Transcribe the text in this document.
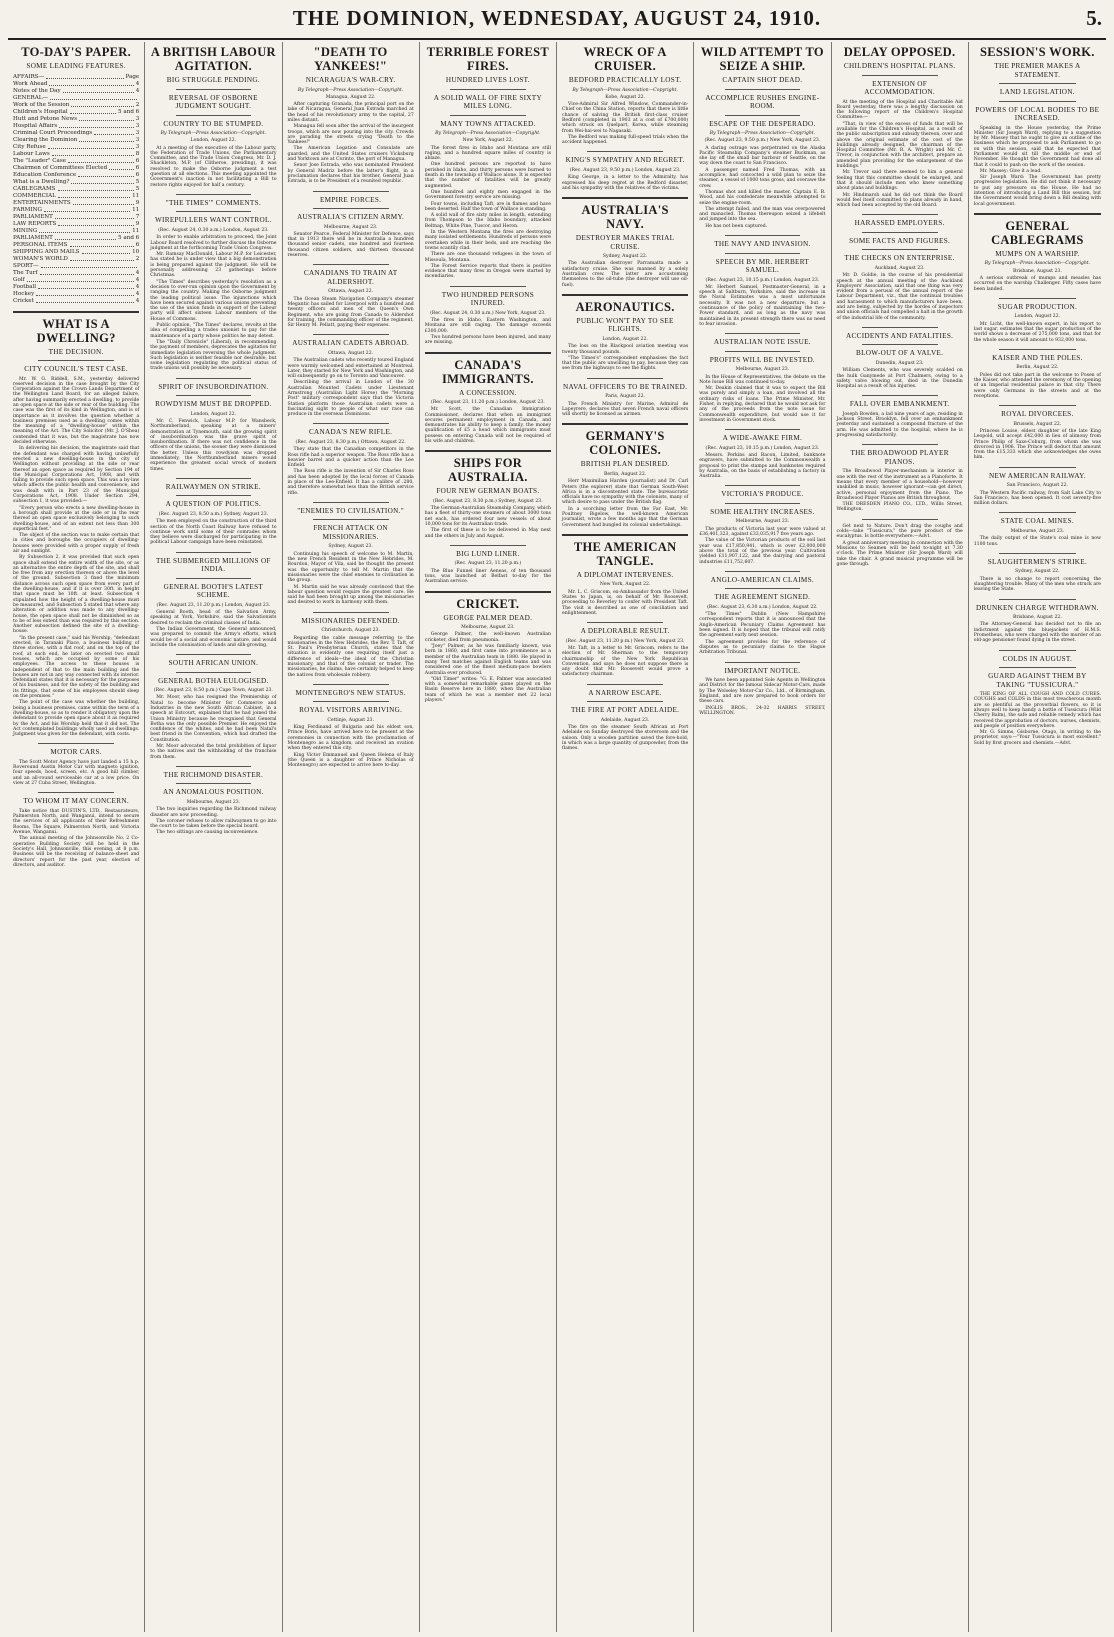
THE DOMINION, WEDNESDAY, AUGUST 24, 1910.	5.
TO-DAY'S PAPER.
SOME LEADING FEATURES.
AFFAIRS—	Page
Work Ahead	4
Notes of the Day	4
GENERAL—
Work of the Session	2
Children's Hospital	5 and 6
Hutt and Petone News	3
Hospital Affairs	3
Criminal Court Proceedings	3
Clearing the Dominion	3
City Refuse	3
Labour Laws	8
The "Leader" Case	6
Chairmen of Committees Elected	6
Education Conference	6
What is a Dwelling?	5
CABLEGRAMS	5
COMMERCIAL	11
ENTERTAINMENTS	9
FARMING	11
PARLIAMENT	7
LAW REPORTS	9
MINING	11
PARLIAMENT	5 and 6
PERSONAL ITEMS	6
SHIPPING AND MAILS	10
WOMAN'S WORLD	2
SPORT—
The Turf	4
Golf	4
Football	4
Hockey	4
Cricket	4
WHAT IS A DWELLING?
THE DECISION.
CITY COUNCIL'S TEST CASE.

Mr. W. G. Riddell, S.M., yesterday delivered reserved decision in the case brought by the City Corporation against the Crown Lands Department of the Wellington Land Board, for an alleged failure, after having summarily erected a dwelling, to provide an open space at the side or rear of the building. The case was the first of its kind in Wellington, and is of importance as it involves the question whether a business premises used as a dwelling comes within the meaning of a "dwelling-house" within the meaning of the Act. The City Solicitor (Mr. J. O'Shea) contended that it was, but the magistrate has now decided otherwise.

In delivering his decision, the magistrate said that the defendant was charged with having unlawfully erected a new dwelling-house in the city of Wellington without providing at the side or rear thereof an open space as required by Section 194 of the Municipal Corporations Act, 1908, and with failing to provide such open space. This was a by-law which affects the public health and convenience, and was dealt with in Part 23 of the Municipal Corporations Act, 1908. Under Section 294, subsection 1, it was provided:—

"Every person who erects a new dwelling-house in a borough shall provide at the side or in the rear thereof an open space exclusively belonging to such dwelling-house, and of an extent not less than 300 superficial feet."

The object of the section was to make certain that in cities and boroughs the occupiers of dwelling-houses were provided with a proper supply of fresh air and sunlight.

By Subsection 2, it was provided that such open space shall extend the entire width of the site, or as an alternative the entire depth of the site, and shall be free from any erection thereon or above the level of the ground. Subsection 3 fixed the minimum distance across such open space from every part of the dwelling-house, and if it is over 30ft. in height that space must be 10ft. at least. Subsection 4 stipulated how the height of a dwelling-house must be measured, and Subsection 5 stated that where any alteration or addition was made to any dwelling-house, the open space shall not be diminished so as to be of less extent than was required by this section. Another subsection defined the site of a dwelling-house.

"In the present case," said his Worship, "defendant erected, in Taranaki Place, a business building of three stories, with a flat roof, and on the top of the roof, at each end, he later on erected two small houses, which are occupied by some of his employees. The access to these houses is independent of that to the main building and the houses are not in any way connected with its interior. Defendant states that it is necessary for the purposes of his business, and for the safety of the building and its fittings, that some of his employees should sleep on the premises."

The point of the case was whether the building, being a business premises, came within the term of a dwelling-house, so as to render it obligatory upon the defendant to provide open space about it as required by the Act, and his Worship held that it did not. The Act contemplated buildings wholly used as dwellings. Judgment was given for the defendant, with costs.

MOTOR CARS.

The Scott Motor Agency have just landed a 15 h.p. Roveround Austin Motor Car with magneto ignition, four speeds, hood, screen, etc. A good hill climber, and an all-round serviceable car at a low price. On view at 27 Cuba Street, Wellington.

TO WHOM IT MAY CONCERN.

Take notice that DUSTIN'S, LTD., Restaurateurs, Palmerston North, and Wanganui, intend to secure the services of all applicants of their Refreshment Rooms, The Square, Palmerston North, and Victoria Avenue, Wanganui.

The annual meeting of the Johnsonville No. 2 Co-operative Building Society will be held in the Society's Hall, Johnsonville, this evening, at 8 p.m. Business will be the receiving of balance-sheet and directors' report for the past year, election of directors, and auditor.

A BRITISH LABOUR AGITATION.
BIG STRUGGLE PENDING.
REVERSAL OF OSBORNE JUDGMENT SOUGHT.
COUNTRY TO BE STUMPED.
By Telegraph—Press Association—Copyright.
London, August 22.

At a meeting of the executive of the Labour party, the Federation of Trade Unions, the Parliamentary Committee, and the Trade Union Congress, Mr. D. J. Shackleton, M.P. (of Clitheroe, presiding), it was resolved to make the Osborne judgment a test question at all elections. This meeting appointed the Government's inaction in not facilitating a Bill to restore rights enjoyed for half a century.

"THE TIMES'" COMMENTS.
WIREPULLERS WANT CONTROL.
(Rec. August 24, 0.30 a.m.) London, August 23.

In order to enable arbitration to proceed, the Joint Labour Board resolved to further discuss the Osborne judgment at the forthcoming Trade Union Congress.

Mr. Ramsay MacDonald, Labour M.P. for Leicester, has stated he is under view that a big demonstration is being prepared against the judgment. He will be personally addressing 23 gatherings before Christmas.

"The Times" describes yesterday's resolution as a decision to over-run opinion upon the Government by ranging the country. Making the Osborne judgment the leading political issue. The injunctions which have been secured against various unions preventing the use of the union funds in support of the Labour party will affect sixteen Labour members of the House of Commons.

Public opinion, "The Times" declares, revolts at the idea of compelling a trades unionist to pay for the maintenance of a party whose politics he may detest.

The "Daily Chronicle" (Liberal), in recommending the payment of members, deprecates the agitation for immediate legislation reversing the whole judgment. Such legislation is neither feasible nor desirable, but some legislation regulating the political status of trade unions will possibly be necessary.

SPIRIT OF INSUBORDINATION.
ROWDYISM MUST BE DROPPED.
London, August 22.

Mr. C. Fenwick, Labour M.P. for Wansbeck, Northumberland, speaking at a miners' demonstration at Tynemouth, said the growing spirit of insubordination was the grave spirit of insubordination. If there was not confidence in the officers of the unions, the sooner they were dismissed the better. Unless this rowdyism was dropped immediately, the Northumberland miners would experience the greatest social wreck of modern times.

RAILWAYMEN ON STRIKE.
A QUESTION OF POLITICS.
(Rec. August 23, 8.50 a.m.) Sydney, August 23.

The men employed on the construction of the third section of the North Coast Railway have refused to continue work until some of their comrades whom they believe were discharged for participating in the political Labour campaign have been reinstated.

THE SUBMERGED MILLIONS OF INDIA.
GENERAL BOOTH'S LATEST SCHEME.
(Rec. August 23, 11.20 p.m.) London, August 23.

General Booth, head of the Salvation Army, speaking at York, Yorkshire, said the Salvationists desired to reclaim the criminal classes of India.

The Indian Government, the General announced, was prepared to commit the Army's efforts, which would be of a social and economic nature, and would include the colonisation of lands and silk-growing.

SOUTH AFRICAN UNION.
GENERAL BOTHA EULOGISED.
(Rec. August 23, 8.50 p.m.) Cape Town, August 23.

Mr. Moor, who has resigned the Premiership of Natal to become Minister for Commerce and Industries in the new South African Cabinet, in a speech at Estcourt, explained that he had joined the Union Ministry because he recognised that General Botha was the only possible Premier. He enjoyed the confidence of the whites, and he had been Natal's best friend in the Convention, which had drafted the Constitution.

Mr. Moor advocated the total prohibition of liquor to the natives and the withholding of the franchise from them.

THE RICHMOND DISASTER.
AN ANOMALOUS POSITION.
Melbourne, August 23.

The two inquiries regarding the Richmond railway disaster are now proceeding.

The coroner refuses to allow railwaymen to go into the court to be taken before the special board.

The two sittings are causing inconvenience.

"DEATH TO YANKEES!"
NICARAGUA'S WAR-CRY.
By Telegraph—Press Association—Copyright.
Managua, August 22.

After capturing Granada, the principal port on the lake of Nicaragua, General Juan Estrada marched at the head of his revolutionary army to the capital, 27 miles distant.

Managua fell soon after the arrival of the insurgent troops, which are now pouring into the city. Crowds are parading the streets crying "Death to the Yankees!"

The American Legation and Consulate are guarded, and the United States cruisers Vicksburg and Yorktown are at Corinto, the port of Managua.

Senor Jose Estrada, who was nominated President by General Madriz before the latter's flight, in a proclamation declares that his brother, General Juan Estrada, is to be President of a reunited republic.

EMPIRE FORCES.
AUSTRALIA'S CITIZEN ARMY.
Melbourne, August 23.

Senator Pearce, Federal Minister for Defence, says that in 1913 there will be in Australia a hundred thousand senior cadets, one hundred and fourteen thousand citizen soldiers, and thirteen thousand reserves.

CANADIANS TO TRAIN AT ALDERSHOT.
Ottawa, August 22.

The Ocean Steam Navigation Company's steamer Megantic has sailed for Liverpool with a hundred and twenty officers and men of the Queen's Own Regiment, who are going from Canada to Aldershot for training, the commanding officer of the regiment, Sir Henry M. Pellatt, paying their expenses.

AUSTRALIAN CADETS ABROAD.
Ottawa, August 22.

The Australian cadets who recently toured England were warmly welcomed and entertained at Montreal. Later, they started for New York and Washington, and will subsequently go on to Toronto and Vancouver.

Describing the arrival in London of the 30 Australian Mounted Cadets under Lieutenant Armstrong (Australian Light Horse) the "Morning Post" military correspondent says that the Victoria Station platform those Australian cadets were a fascinating sight to people of what our race can produce in the overseas Dominions.

CANADA'S NEW RIFLE.
(Rec. August 23, 8.30 p.m.) Ottawa, August 22.

They state that the Canadian competitors in the Ross rifle had a superior weapon. The Ross rifle has a heavier barrel and a quicker action than the Lee Enfield.

The Ross rifle is the invention of Sir Charles Ross and has been adopted by the local forces of Canada in place of the Lee-Enfield. It has a calibre of .280, and therefore somewhat less than the British service rifle.

"ENEMIES TO CIVILISATION."
FRENCH ATTACK ON MISSIONARIES.
Sydney, August 23.

Continuing his speech of welcome to M. Martin, the new French Resident in the New Hebrides, M. Bourdon, Mayor of Vila, said he thought the present was the opportunity to tell M. Martin that the missionaries were the chief enemies to civilisation in the group.

M. Martin said he was already convinced that the labour question would require the greatest care. He said he had been brought up among the missionaries and desired to work in harmony with them.

MISSIONARIES DEFENDED.
Christchurch, August 23.

Regarding the cable message referring to the missionaries in the New Hebrides, the Rev. T. Taft, of St. Paul's Presbyterian Church, states that the situation is evidently one requiring itself just a difference of ideals—the ideal of the Christian missionary, and that of the colonist or trader. The missionaries, he claims, have certainly helped to keep the natives from wholesale robbery.

MONTENEGRO'S NEW STATUS.
ROYAL VISITORS ARRIVING.
Cettinje, August 23.

King Ferdinand of Bulgaria and his eldest son, Prince Boris, have arrived here to be present at the ceremonies in connection with the proclamation of Montenegro as a kingdom, and received an ovation when they entered this city.

King Victor Emmanuel and Queen Helena of Italy (the Queen is a daughter of Prince Nicholas of Montenegro) are expected to arrive here to-day.

TERRIBLE FOREST FIRES.
HUNDRED LIVES LOST.
A SOLID WALL OF FIRE SIXTY MILES LONG.
MANY TOWNS ATTACKED.
By Telegraph—Press Association—Copyright.
New York, August 22.

The forest fires in Idaho and Montana are still raging, and a hundred square miles of country is ablaze.

One hundred persons are reported to have perished in Idaho, and thirty persons were burned to death in the township of Wallace alone. It is expected that the number of fatalities will be greatly augmented.

One hundred and eighty men engaged in the Government forestry service are missing.

Four towns, including Taft, are in flames and have been deserted. Half the town of Wallace is standing.

A solid wall of fire sixty miles in length, extending from Thompson to the Idaho boundary, attacked Beltnap, White Pine, Tuscor, and Heron.

In the Western Montana the fires are destroying many isolated settlements. Hundreds of persons were overtaken while in their beds, and are reaching the towns scantily clad.

There are one thousand refugees in the town of Missoula, Montana.

The Forest Service reports that there is positive evidence that many fires in Oregon were started by incendiaries.

TWO HUNDRED PERSONS INJURED.
(Rec. August 24, 0.30 a.m.) New York, August 23.

The fires in Idaho, Eastern Washington, and Montana are still raging. The damage exceeds £300,000.

Two hundred persons have been injured, and many are missing.

CANADA'S IMMIGRANTS.
A CONCESSION.
(Rec. August 23, 11.20 p.m.) London, August 23.

Mr. Scott, the Canadian Immigration Commissioner, declares that when an immigrant secures permanent employment in Canada, and demonstrates his ability to keep a family, the money qualification of £5 a head which immigrants must possess on entering Canada will not be required of his wife and children.

SHIPS FOR AUSTRALIA.
FOUR NEW GERMAN BOATS.
(Rec. August 23, 8.30 p.m.) Sydney, August 23.

The German-Australian Steamship Company, which has a fleet of thirty-one steamers of about 3000 tons net each, has ordered four new vessels of about 10,000 tons for its Australian trade.

The first of these is to be delivered in May next and the others in July and August.

BIG LUND LINER.
(Rec. August 23, 11.20 p.m.)

The Blue Funnel liner Aeneas, of ten thousand tons, was launched at Belfast to-day for the Australian service.

CRICKET.
GEORGE PALMER DEAD.
Melbourne, August 23.

George Palmer, the well-known Australian cricketer, died from pneumonia.

"Joey" Palmer, as he was familiarly known, was born in 1860, and first came into prominence as a member of the Australian team in 1880. He played in many Test matches against English teams and was considered one of the finest medium-pace bowlers Australia ever produced.

"Old Timer" writes: "G. E. Palmer was associated with a somewhat remarkable game played on the Basin Reserve here in 1880, when the Australian team of which he was a member met 22 local players."

WRECK OF A CRUISER.
BEDFORD PRACTICALLY LOST.
By Telegraph—Press Association—Copyright.
Kobe, August 22.

Vice-Admiral Sir Alfred Winslow, Commander-in-Chief on the China Station, reports that there is little chance of salving the British first-class cruiser Bedford (completed in 1903 at a cost of £700,000) which struck on Quelpart, Korea, while steaming from Wei-hai-wei to Nagasaki.

The Bedford was making full-speed trials when the accident happened.

KING'S SYMPATHY AND REGRET.
(Rec. August 23, 9.50 p.m.) London, August 23.

King George, in a letter to the Admiralty, has expressed his deep regret at the Bedford disaster, and his sympathy with the relatives of the victims.

AUSTRALIA'S NAVY.
DESTROYER MAKES TRIAL CRUISE.
Sydney, August 22.

The Australian destroyer Parramatta made a satisfactory cruise. She was manned by a solely Australian crew. The latter are accustoming themselves to the oil-tube (the destroyer will use oil-fuel).

AERONAUTICS.
PUBLIC WON'T PAY TO SEE FLIGHTS.
London, August 22.

The loss on the Blackpool aviation meeting was twenty thousand pounds.

"The Times's" correspondent emphasises the fact that the public are unwilling to pay, because they can see from the highways to see the flights.

NAVAL OFFICERS TO BE TRAINED.
Paris, August 22.

The French Ministry for Marine, Admiral de Lapeyrere, declares that seven French naval officers will shortly be licensed as airmen.

GERMANY'S COLONIES.
BRITISH PLAN DESIRED.
Berlin, August 22.

Herr Maximilian Harden (journalist) and Dr. Carl Peters (the explorer) state that German South-West Africa is in a discontented state. The bureaucratic officials have no sympathy with the colonists, many of which desire to pass under the British flag.

In a scorching letter from the Far East, Mr. Poultney Bigelow, the well-known American journalist, wrote a few months ago that the German Government had bungled its colonial undertakings.

THE AMERICAN TANGLE.
A DIPLOMAT INTERVENES.
New York, August 22.

Mr. L. C. Griscom, ex-Ambassador from the United States to Japan, is, on behalf of Mr. Roosevelt, proceeding to Beverley to confer with President Taft. The visit is described as one of conciliation and enlightenment.

A DEPLORABLE RESULT.
(Rec. August 23, 11.20 p.m.) New York, August 23.

Mr. Taft, in a letter to Mr. Griscom, refers to the election of Mr. Sherman to the temporary chairmanship of the New York Republican Convention, and says he does not suppose there is any doubt that Mr. Roosevelt would prove a satisfactory chairman.

A NARROW ESCAPE.
THE FIRE AT PORT ADELAIDE.
Adelaide, August 23.

The fire on the steamer South African at Port Adelaide on Sunday destroyed the storeroom and the saloon. Only a wooden partition saved the fore-hold, in which was a large quantity of gunpowder, from the flames.

WILD ATTEMPT TO SEIZE A SHIP.
CAPTAIN SHOT DEAD.
ACCOMPLICE RUSHES ENGINE-ROOM.
ESCAPE OF THE DESPERADO.
By Telegraph—Press Association—Copyright.
(Rec. August 23, 9.50 p.m.) New York, August 23.

A daring outrage was perpetrated on the Alaska Pacific Steamship Company's steamer Buckman, as she lay off the small bar harbour of Seattle, on the way down the coast to San Francisco.

A passenger named Fred Thomas, with an accomplice, had concocted a wild plan to seize the steamer, a vessel of 1000 tons gross, and overawe the crew.

Thomas shot and killed the master, Captain E. B. Wood, and his confederate meanwhile attempted to seize the engine-room.

The attempt failed, and the man was overpowered and manacled. Thomas thereupon seized a lifebelt and jumped into the sea.

He has not been captured.

THE NAVY AND INVASION.
SPEECH BY MR. HERBERT SAMUEL.
(Rec. August 23, 10.15 p.m.) London, August 23.

Mr. Herbert Samuel, Postmaster-General, in a speech at Saltburn, Yorkshire, said the increase in the Naval Estimates was a most unfortunate necessity. It was not a new departure, but a continuance of the policy of maintaining the two-Power standard, and as long as the navy was maintained in its present strength there was no need to fear invasion.

AUSTRALIAN NOTE ISSUE.
PROFITS WILL BE INVESTED.
Melbourne, August 23.

In the House of Representatives, the debate on the Note Issue Bill was continued to-day.

Mr. Deakin claimed that it was to expect the Bill was purely and simply a loan, and involved all the ordinary risks of loans. The Prime Minister, Mr. Fisher, in replying, declared that he would not ask for any of the proceeds from the note issue for Commonwealth expenditure, but would use it for investment in Government stock.

A WIDE-AWAKE FIRM.
(Rec. August 23, 10.15 p.m.) London, August 23.

Messrs. Perkins and Bacon, Limited, banknote engravers, have submitted to the Commonwealth a proposal to print the stamps and banknotes required by Australia, on the basis of establishing a factory in Australia.

VICTORIA'S PRODUCE.
SOME HEALTHY INCREASES.
Melbourne, August 23.

The products of Victoria last year were valued at £36,401,323, against £33,035,917 five years ago.

The value of the Victorian products of the soil last year was £17,850,941, which is over £2,000,000 above the total of the previous year. Cultivation yielded £11,907,122, and the dairying and pastoral industries £11,752,607.

ANGLO-AMERICAN CLAIMS.
THE AGREEMENT SIGNED.
(Rec. August 23, 6.30 a.m.) London, August 22.

"The Times" Dublin (New Hampshire) correspondent reports that it is announced that the Anglo-American Pecuniary Claims Agreement has been signed. It is hoped that the tribunal will ratify the agreement early next session.

The agreement provides for the reference of disputes as to pecuniary claims to the Hague Arbitration Tribunal.

IMPORTANT NOTICE.

We have been appointed Sole Agents in Wellington and District for the famous Sidecar Motor-Cars, made by The Wolseley Motor-Car Co., Ltd., of Birmingham, England, and are now prepared to book orders for these cars.

INGLIS BROS., 24-32 HARRIS STREET, WELLINGTON.

DELAY OPPOSED.
CHILDREN'S HOSPITAL PLANS.
EXTENSION OF ACCOMMODATION.

At the meeting of the Hospital and Charitable Aid Board yesterday, there was a lengthy discussion on the following report of the Children's Hospital Committee:—

"That, in view of the excess of funds that will be available for the Children's Hospital, as a result of the public subscription and subsidy thereon, over and above the original estimate of the cost of the buildings already designed, the chairman of the Hospital Committee (Mr. R. A. Wright) and Mr. C. Trevor, in conjunction with the architect, prepare an amended plan providing for the enlargement of the buildings."

Mr. Trevor said there seemed to him a general feeling that this committee should be enlarged, and that it should include men who knew something about plans and buildings.

Mr. Hindmarsh said he did not think the Board would feel itself committed to plans already in hand, which had been accepted by the old Board.

HARASSED EMPLOYERS.
SOME FACTS AND FIGURES.
THE CHECKS ON ENTERPRISE.
Auckland, August 23.

Mr. D. Goldie, in the course of his presidential speech at the annual meeting of the Auckland Employers' Association, said that one thing was very evident from a perusal of the annual report of the Labour Department, viz., that the continual troubles and harassment to which manufacturers have been, and are being, subjected by the hordes of inspectors and union officials had compelled a halt in the growth of the industrial life of the community.

ACCIDENTS AND FATALITIES.
BLOW-OUT OF A VALVE.
Dunedin, August 23.

William Clements, who was severely scalded on the hulk Ganymede at Port Chalmers, owing to a safety valve blowing out, died in the Dunedin Hospital as a result of his injuries.

FALL OVER EMBANKMENT.

Joseph Bowden, a lad nine years of age, residing in Jackson Street, Brooklyn, fell over an embankment yesterday and sustained a compound fracture of the arm. He was admitted to the hospital, where he is progressing satisfactorily.

THE BROADWOOD PLAYER PIANOS.

The Broadwood Player-mechanism is interior in one with the rest of the instrument as a Pianoforte. It means that every member of a household—however unskilled in music, however ignorant—can get direct, active, personal enjoyment from the Piano. The Broadwood Player Pianos are British throughout.

THE DRESDEN PIANO CO., LTD., Willis Street, Wellington.

Get next to Nature. Don't drag the coughs and colds—take "Tussicura," the pure product of the eucalyptus. Is bottle everywhere.—Advt.

A great anniversary meeting in connection with the Missions to Seamen will be held to-night at 7.30 o'clock. The Prime Minister (Sir Joseph Ward) will take the chair. A grand musical programme will be gone through.

SESSION'S WORK.
THE PREMIER MAKES A STATEMENT.
LAND LEGISLATION.
POWERS OF LOCAL BODIES TO BE INCREASED.

Speaking in the House yesterday, the Prime Minister (Sir Joseph Ward), replying to a suggestion by Mr. Massey that he ought to give an outline of the business which he proposed to ask Parliament to go on with this session, said that he expected that Parliament would sit till the middle or end of November. He thought the Government had done all that it could to push on the work of the session.

Mr. Massey: Give it a lead.

Sir Joseph Ward: The Government has pretty progressive legislation. He did not think it necessary to put any pressure on the House. He had no intention of introducing a Land Bill this session, but the Government would bring down a Bill dealing with local government.

GENERAL CABLEGRAMS
MUMPS ON A WARSHIP.
By Telegraph—Press Association—Copyright.
Brisbane, August 23.

A serious outbreak of mumps and measles has occurred on the warship Challenger. Fifty cases have been landed.

SUGAR PRODUCTION.
London, August 22.

Mr. Licht, the well-known expert, in his report to last sugar, estimates that the sugar production of the world shows a decrease of 275,000 tons, and that for the whole season it will amount to 932,000 tons.

KAISER AND THE POLES.
Berlin, August 22.

Poles did not take part in the welcome to Posen of the Kaiser, who attended the ceremony of the opening of an Imperial residential palace in that city. There were only Germans in the streets and at the receptions.

ROYAL DIVORCEES.
Brussels, August 22.

Princess Louise, eldest daughter of the late King Leopold, will accept £42,000 in lieu of alimony from Prince Philip of Saxe-Coburg, from whom she was divorced in 1906. The Prince will deduct that amount from the £15,333 which she acknowledges she owes him.

NEW AMERICAN RAILWAY.
San Francisco, August 22.

The Western Pacific railway, from Salt Lake City to San Francisco, has been opened. It cost seventy-five million dollars.

STATE COAL MINES.
Melbourne, August 23.

The daily output of the State's coal mine is now 1100 tons.

SLAUGHTERMEN'S STRIKE.
Sydney, August 22.

There is no change to report concerning the slaughtering trouble. Many of the men who struck are leaving the State.

DRUNKEN CHARGE WITHDRAWN.
Brisbane, August 22.

The Attorney-General has decided not to file an indictment against the bluejackets of H.M.S. Prometheus, who were charged with the murder of an old-age pensioner found dying in the street.

COLDS IN AUGUST.
GUARD AGAINST THEM BY TAKING "TUSSICURA."

THE KING OF ALL COUGH AND COLD CURES. COUGHS and COLDS in this most treacherous month are so plentiful as the proverbial flowers, so it is always well to keep handy a bottle of Tussicura (Wild Cherry Balm), the safe and reliable remedy which has received the approbation of doctors, nurses, chemists, and people of position everywhere.

Mr. G. Simms, Gisborne, Otago, in writing to the proprietor, says:—"Your Tussicura is most excellent." Sold by first grocers and chemists.—Advt.
